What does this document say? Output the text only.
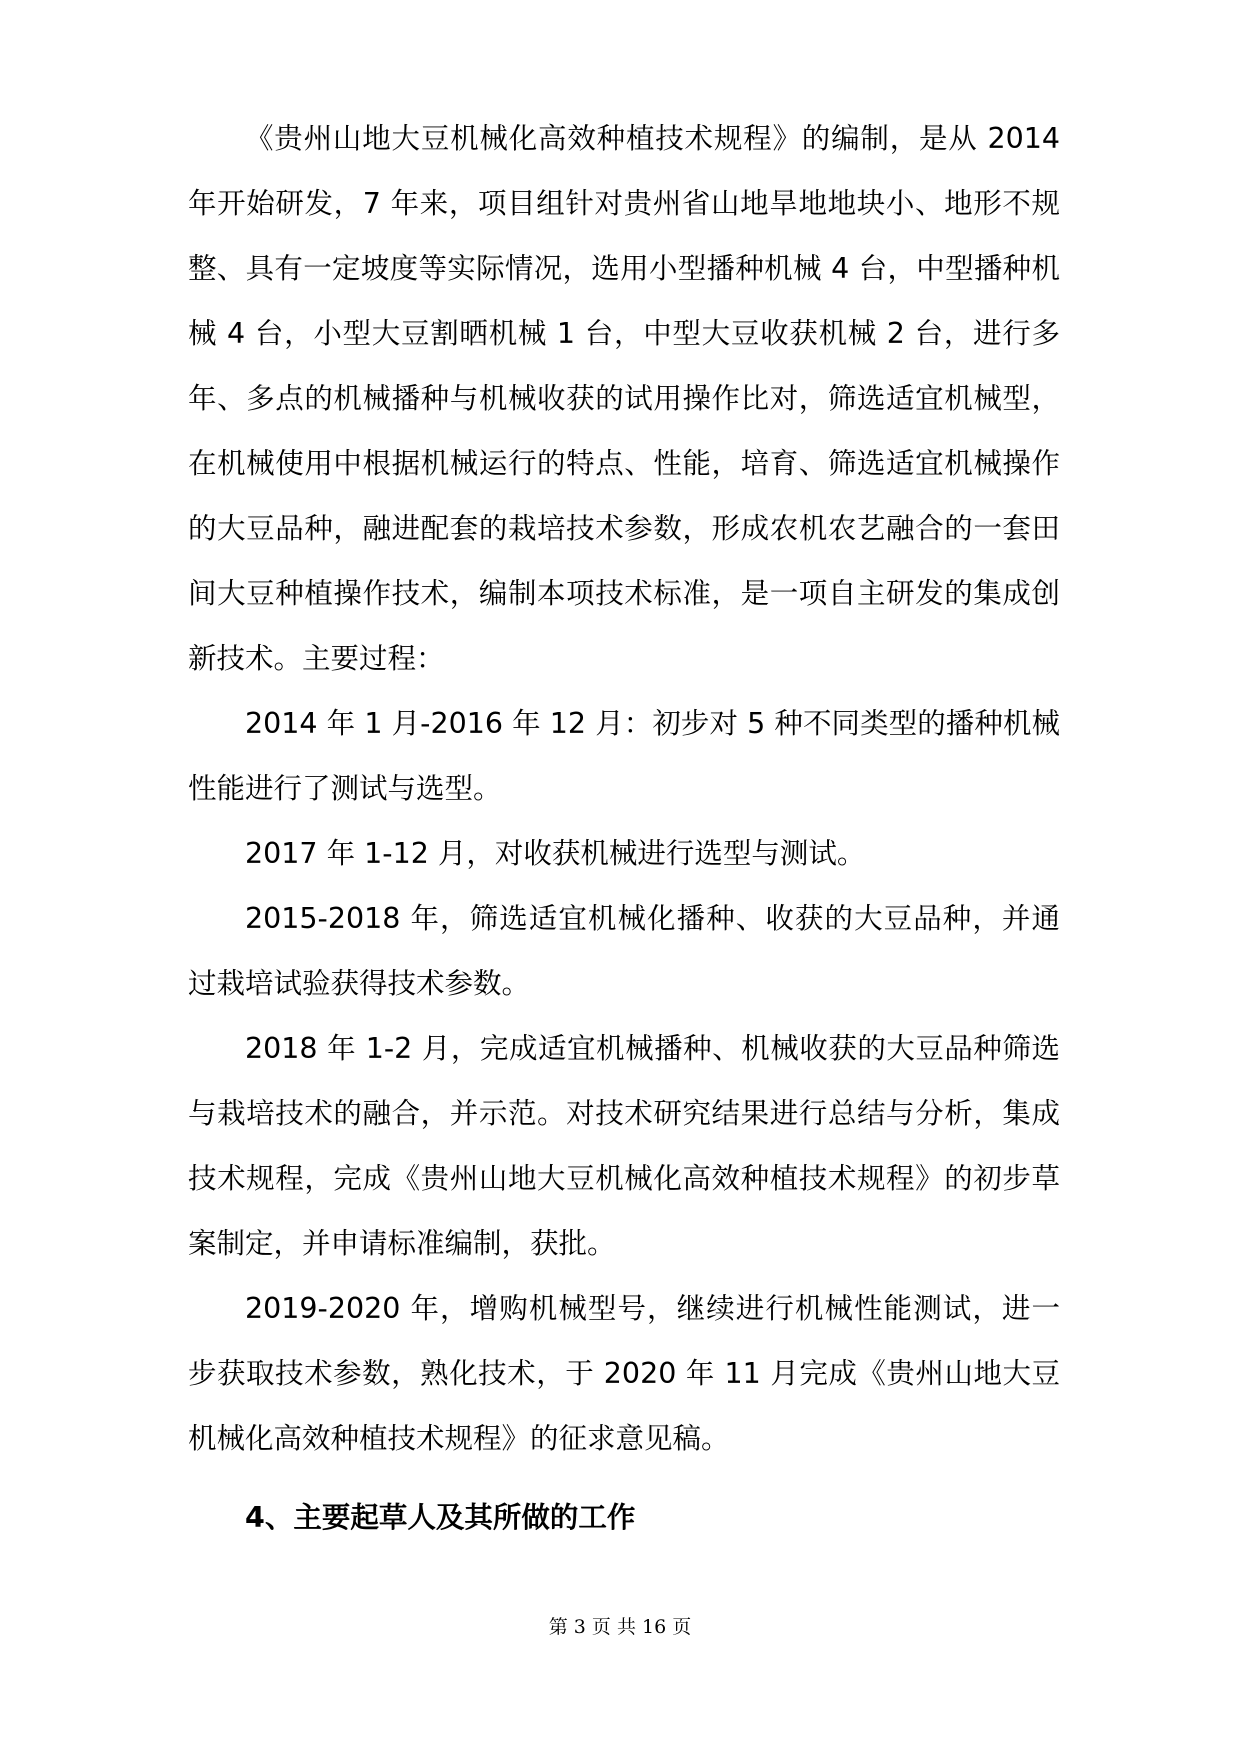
《贵州山地大豆机械化高效种植技术规程》的编制，是从 2014 年开始研发，7 年来，项目组针对贵州省山地旱地地块小、地形不规整、具有一定坡度等实际情况，选用小型播种机械 4 台，中型播种机械 4 台，小型大豆割晒机械 1 台，中型大豆收获机械 2 台，进行多年、多点的机械播种与机械收获的试用操作比对，筛选适宜机械型，在机械使用中根据机械运行的特点、性能，培育、筛选适宜机械操作的大豆品种，融进配套的栽培技术参数，形成农机农艺融合的一套田间大豆种植操作技术，编制本项技术标准，是一项自主研发的集成创新技术。主要过程：

2014 年 1 月-2016 年 12 月：初步对 5 种不同类型的播种机械性能进行了测试与选型。

2017 年 1-12 月，对收获机械进行选型与测试。

2015-2018 年，筛选适宜机械化播种、收获的大豆品种，并通过栽培试验获得技术参数。

2018 年 1-2 月，完成适宜机械播种、机械收获的大豆品种筛选与栽培技术的融合，并示范。对技术研究结果进行总结与分析，集成技术规程，完成《贵州山地大豆机械化高效种植技术规程》的初步草案制定，并申请标准编制，获批。

2019-2020 年，增购机械型号，继续进行机械性能测试，进一步获取技术参数，熟化技术，于 2020 年 11 月完成《贵州山地大豆机械化高效种植技术规程》的征求意见稿。

4、主要起草人及其所做的工作

第 3 页 共 16 页
